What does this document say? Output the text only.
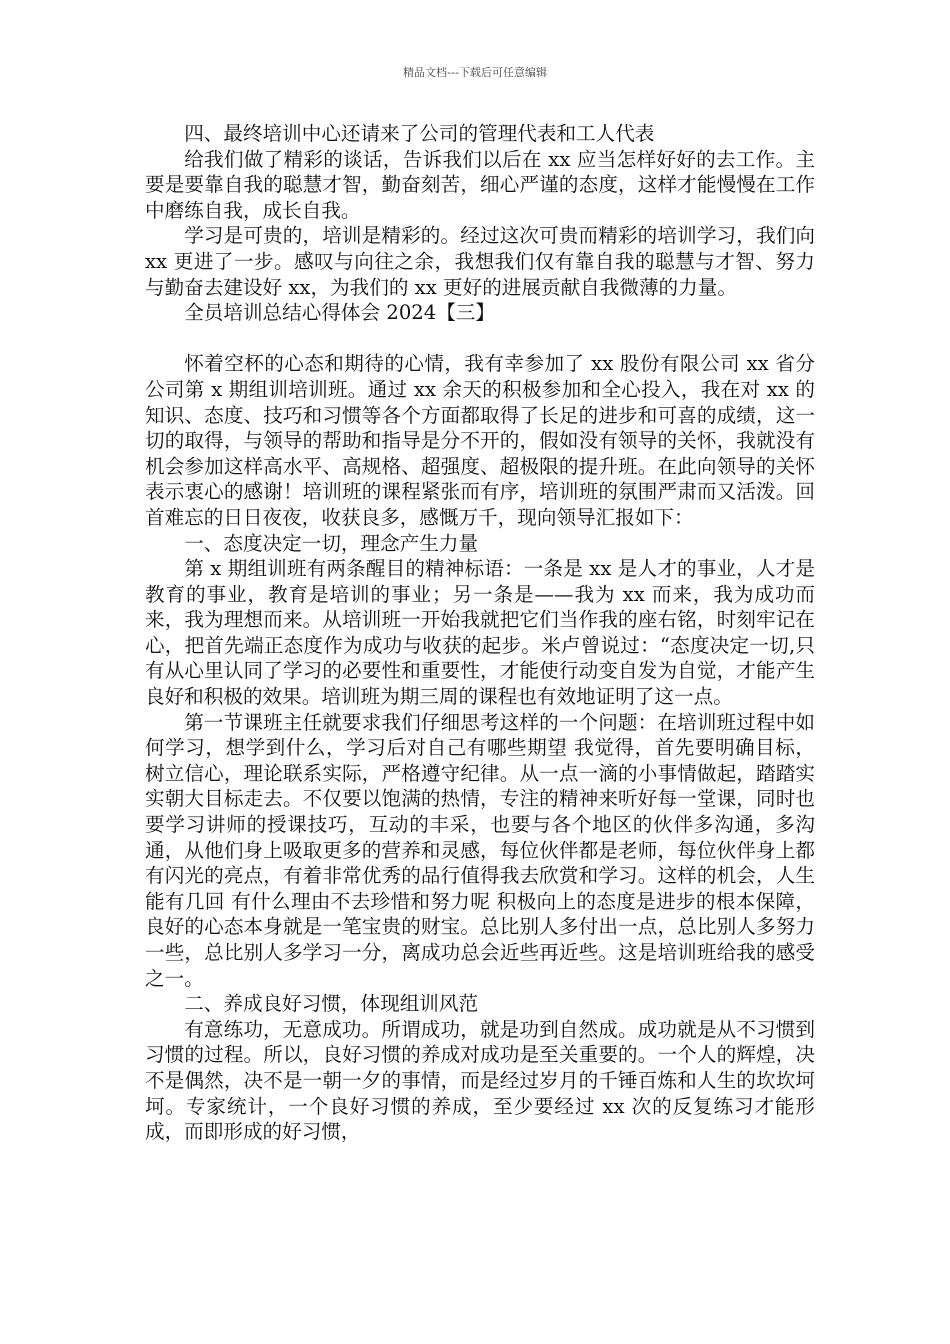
精品文档---下载后可任意编辑

四、最终培训中心还请来了公司的管理代表和工人代表

给我们做了精彩的谈话，告诉我们以后在 xx 应当怎样好好的去工作。主要是要靠自我的聪慧才智，勤奋刻苦，细心严谨的态度，这样才能慢慢在工作中磨练自我，成长自我。

学习是可贵的，培训是精彩的。经过这次可贵而精彩的培训学习，我们向 xx 更进了一步。感叹与向往之余，我想我们仅有靠自我的聪慧与才智、努力与勤奋去建设好 xx，为我们的 xx 更好的进展贡献自我微薄的力量。

全员培训总结心得体会 2024【三】

怀着空杯的心态和期待的心情，我有幸参加了 xx 股份有限公司 xx 省分公司第 x 期组训培训班。通过 xx 余天的积极参加和全心投入，我在对 xx 的知识、态度、技巧和习惯等各个方面都取得了长足的进步和可喜的成绩，这一切的取得，与领导的帮助和指导是分不开的，假如没有领导的关怀，我就没有机会参加这样高水平、高规格、超强度、超极限的提升班。在此向领导的关怀表示衷心的感谢！培训班的课程紧张而有序，培训班的氛围严肃而又活泼。回首难忘的日日夜夜，收获良多，感慨万千，现向领导汇报如下：

一、态度决定一切，理念产生力量

第 x 期组训班有两条醒目的精神标语：一条是 xx 是人才的事业，人才是教育的事业，教育是培训的事业；另一条是——我为 xx 而来，我为成功而来，我为理想而来。从培训班一开始我就把它们当作我的座右铭，时刻牢记在心，把首先端正态度作为成功与收获的起步。米卢曾说过：“态度决定一切,只有从心里认同了学习的必要性和重要性，才能使行动变自发为自觉，才能产生良好和积极的效果。培训班为期三周的课程也有效地证明了这一点。

第一节课班主任就要求我们仔细思考这样的一个问题：在培训班过程中如何学习，想学到什么，学习后对自己有哪些期望 我觉得，首先要明确目标，树立信心，理论联系实际，严格遵守纪律。从一点一滴的小事情做起，踏踏实实朝大目标走去。不仅要以饱满的热情，专注的精神来听好每一堂课，同时也要学习讲师的授课技巧，互动的丰采，也要与各个地区的伙伴多沟通，多沟通，从他们身上吸取更多的营养和灵感，每位伙伴都是老师，每位伙伴身上都有闪光的亮点，有着非常优秀的品行值得我去欣赏和学习。这样的机会，人生能有几回 有什么理由不去珍惜和努力呢 积极向上的态度是进步的根本保障，良好的心态本身就是一笔宝贵的财宝。总比别人多付出一点，总比别人多努力一些，总比别人多学习一分，离成功总会近些再近些。这是培训班给我的感受之一。

二、养成良好习惯，体现组训风范

有意练功，无意成功。所谓成功，就是功到自然成。成功就是从不习惯到习惯的过程。所以，良好习惯的养成对成功是至关重要的。一个人的辉煌，决不是偶然，决不是一朝一夕的事情，而是经过岁月的千锤百炼和人生的坎坎坷坷。专家统计，一个良好习惯的养成，至少要经过 xx 次的反复练习才能形成，而即形成的好习惯，
